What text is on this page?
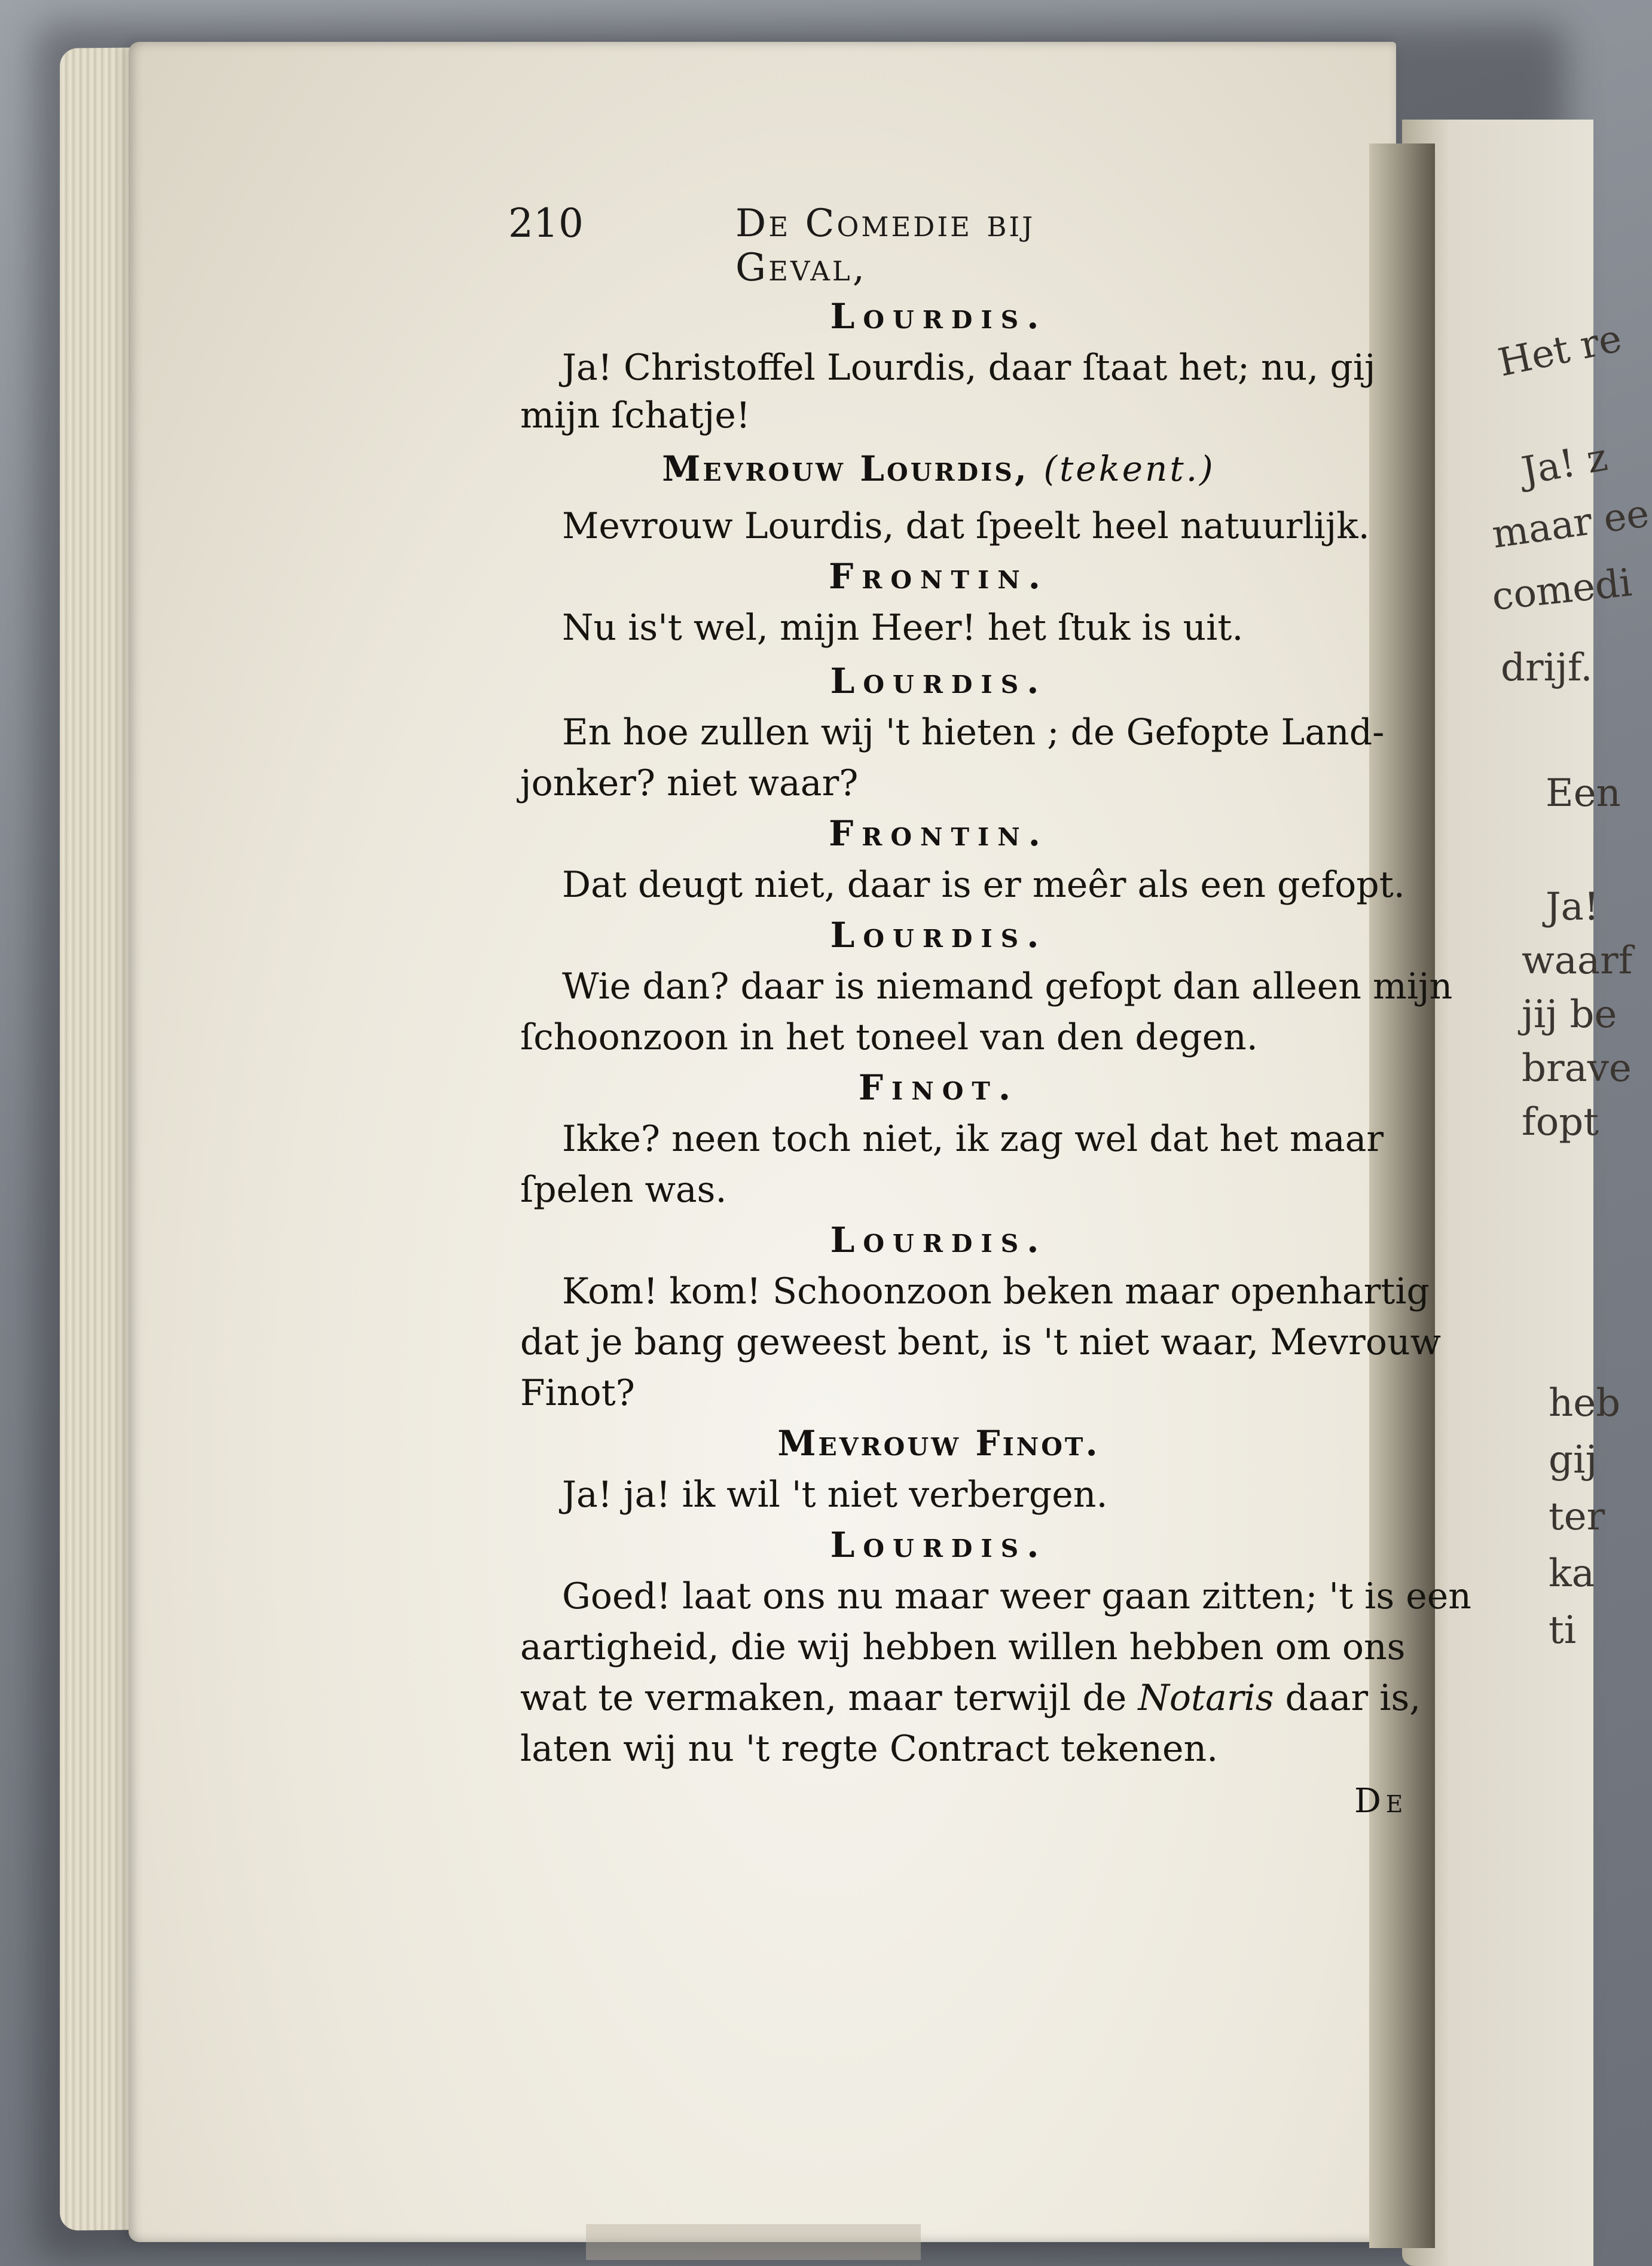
Het re
Ja! z
maar ee
comedi
drijf.
Een
Ja!
waarf
jij be
brave
fopt
heb
gij
ter
ka
ti
210	De Comedie bij Geval,
Lourdis.
Ja! Christoffel Lourdis, daar ſtaat het; nu, gij
mijn ſchatje!
Mevrouw Lourdis, (tekent.)
Mevrouw Lourdis, dat ſpeelt heel natuurlijk.
Frontin.
Nu is't wel, mijn Heer! het ſtuk is uit.
Lourdis.
En hoe zullen wij 't hieten ; de Gefopte Land-
jonker? niet waar?
Frontin.
Dat deugt niet, daar is er meêr als een gefopt.
Lourdis.
Wie dan? daar is niemand gefopt dan alleen mijn
ſchoonzoon in het toneel van den degen.
Finot.
Ikke? neen toch niet, ik zag wel dat het maar
ſpelen was.
Lourdis.
Kom! kom! Schoonzoon beken maar openhartig
dat je bang geweest bent, is 't niet waar, Mevrouw
Finot?
Mevrouw Finot.
Ja! ja! ik wil 't niet verbergen.
Lourdis.
Goed! laat ons nu maar weer gaan zitten; 't is een
aartigheid, die wij hebben willen hebben om ons
wat te vermaken, maar terwijl de Notaris daar is,
laten wij nu 't regte Contract tekenen.
De
